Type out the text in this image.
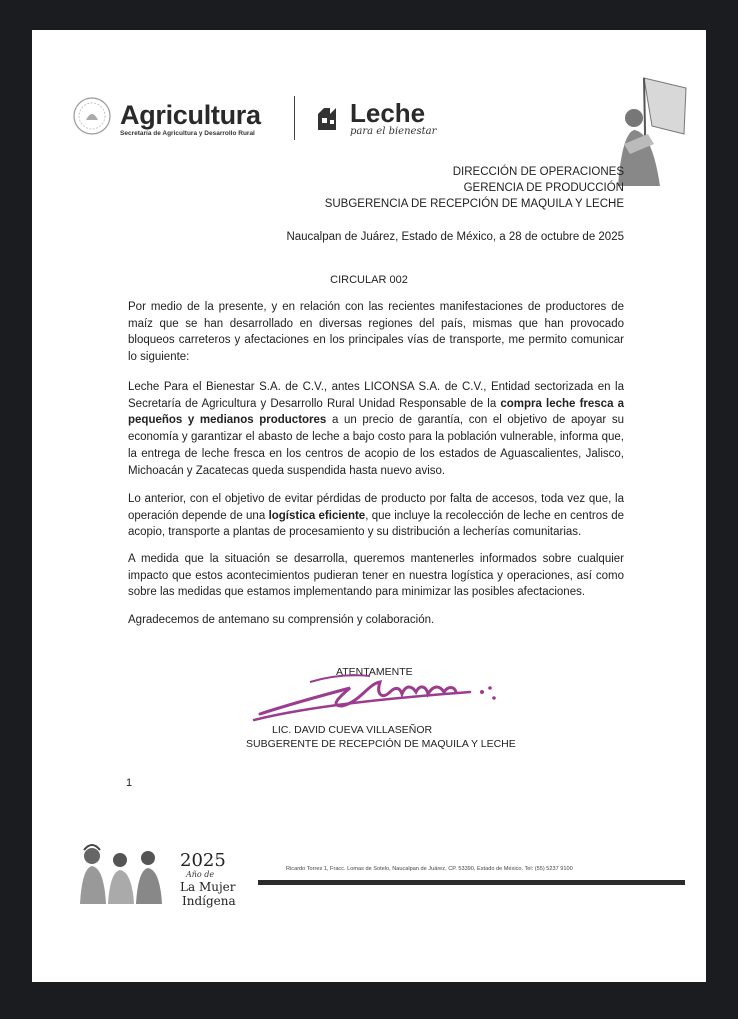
Agricultura
Secretaría de Agricultura y Desarrollo Rural
Leche
para el bienestar
DIRECCIÓN DE OPERACIONES
GERENCIA DE PRODUCCIÓN
SUBGERENCIA DE RECEPCIÓN DE MAQUILA Y LECHE
Naucalpan de Juárez, Estado de México, a 28 de octubre de 2025
CIRCULAR 002
Por medio de la presente, y en relación con las recientes manifestaciones de productores de maíz que se han desarrollado en diversas regiones del país, mismas que han provocado bloqueos carreteros y afectaciones en los principales vías de transporte, me permito comunicar lo siguiente:
Leche Para el Bienestar S.A. de C.V., antes LICONSA S.A. de C.V., Entidad sectorizada en la Secretaría de Agricultura y Desarrollo Rural Unidad Responsable de la compra leche fresca a pequeños y medianos productores a un precio de garantía, con el objetivo de apoyar su economía y garantizar el abasto de leche a bajo costo para la población vulnerable, informa que, la entrega de leche fresca en los centros de acopio de los estados de Aguascalientes, Jalisco, Michoacán y Zacatecas queda suspendida hasta nuevo aviso.
Lo anterior, con el objetivo de evitar pérdidas de producto por falta de accesos, toda vez que, la operación depende de una logística eficiente, que incluye la recolección de leche en centros de acopio, transporte a plantas de procesamiento y su distribución a lecherías comunitarias.
A medida que la situación se desarrolla, queremos mantenerles informados sobre cualquier impacto que estos acontecimientos pudieran tener en nuestra logística y operaciones, así como sobre las medidas que estamos implementando para minimizar las posibles afectaciones.
Agradecemos de antemano su comprensión y colaboración.
ATENTAMENTE
LIC. DAVID CUEVA VILLASEÑOR
SUBGERENTE DE RECEPCIÓN DE MAQUILA Y LECHE
1
2025
Año de
La Mujer
Indígena
Ricardo Torres 1, Fracc. Lomas de Sotelo, Naucalpan de Juárez, CP. 53390, Estado de México. Tel: (55) 5237 9100
